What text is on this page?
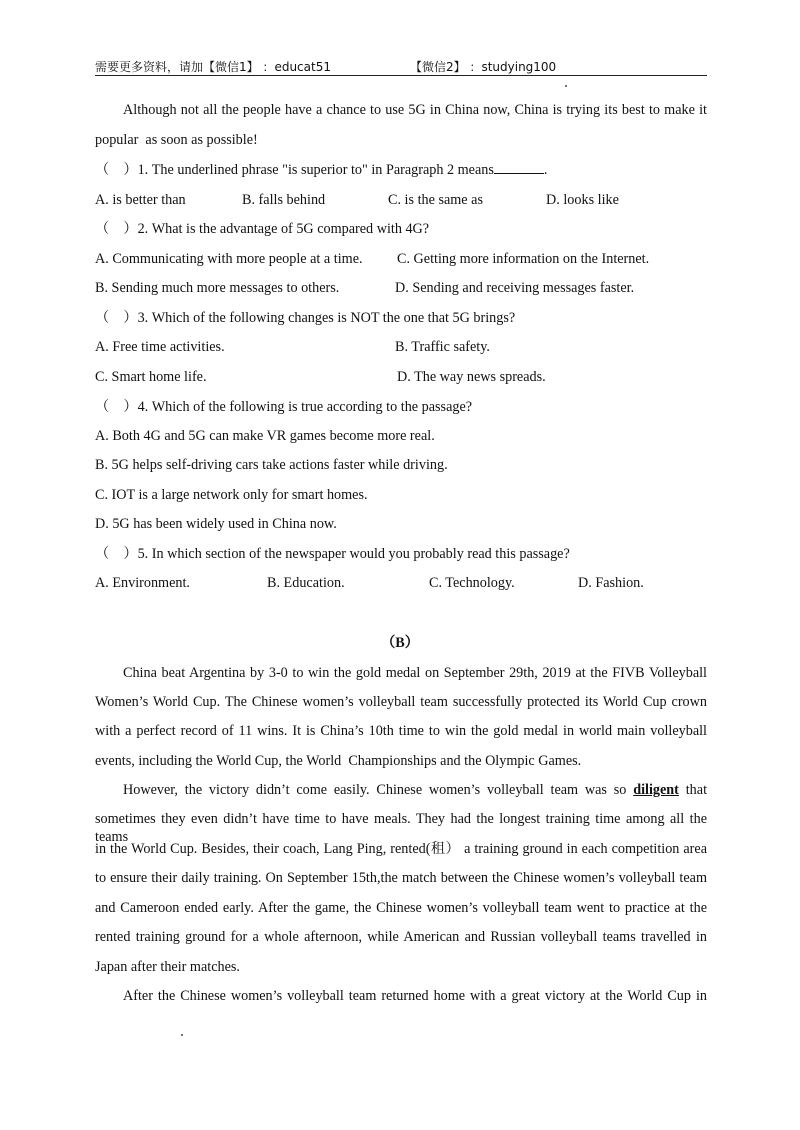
需要更多资料，请加【微信1】 ：educat51	【微信2】 ：studying100
Although not all the people have a chance to use 5G in China now, China is trying its best to make it
popular  as soon as possible!
（    ）1. The underlined phrase "is superior to" in Paragraph 2 means	.
A. is better than	B. falls behind	C. is the same as	D. looks like
（    ）2. What is the advantage of 5G compared with 4G?
A. Communicating with more people at a time. C. Getting more information on the Internet.
B. Sending much more messages to others.	D. Sending and receiving messages faster.
（    ）3. Which of the following changes is NOT the one that 5G brings?
A. Free time activities.	B. Traffic safety.
C. Smart home life.	D. The way news spreads.
（    ）4. Which of the following is true according to the passage?
A. Both 4G and 5G can make VR games become more real.
B. 5G helps self-driving cars take actions faster while driving.
C. IOT is a large network only for smart homes.
D. 5G has been widely used in China now.
（    ）5. In which section of the newspaper would you probably read this passage?
A. Environment.	B. Education.	C. Technology.	D. Fashion.
（B）
China beat Argentina by 3-0 to win the gold medal on September 29th, 2019 at the FIVB Volleyball
Women’s World Cup. The Chinese women’s volleyball team successfully protected its World Cup crown
with a perfect record of 11 wins. It is China’s 10th time to win the gold medal in world main volleyball
events, including the World Cup, the World  Championships and the Olympic Games.
However, the victory didn’t come easily. Chinese women’s volleyball team was so diligent that
sometimes they even didn’t have time to have meals. They had the longest training time among all the teams
in the World Cup. Besides, their coach, Lang Ping, rented(租） a training ground in each competition area
to ensure their daily training. On September 15th,the match between the Chinese women’s volleyball team
and Cameroon ended early. After the game, the Chinese women’s volleyball team went to practice at the
rented training ground for a whole afternoon, while American and Russian volleyball teams travelled in
Japan after their matches.
After the Chinese women’s volleyball team returned home with a great victory at the World Cup in
